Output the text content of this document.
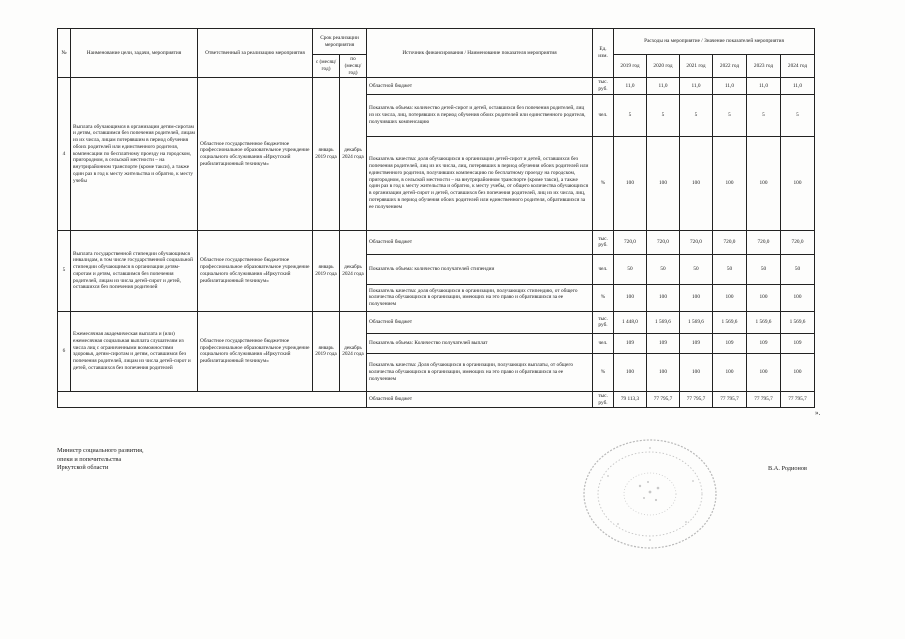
№	Наименование цели, задачи, мероприятия	Ответственный за реализацию мероприятия	Срок реализации мероприятия		Источник финансирования / Наименование показателя мероприятия	Ед. изм.	Расходы на мероприятие / Значение показателей мероприятия					
			с (месяц/ год)	по (месяц/ год)			2019 год	2020 год	2021 год	2022 год	2023 год	2024 год
4	Выплата обучающимся в организации детям-сиротам и детям, оставшимся без попечения родителей, лицам из их числа, лицам потерявшим в период обучения обоих родителей или единственного родителя, компенсации по бесплатному проезду на городском, пригородном, в сельской местности – на внутрирайонном транспорте (кроме такси), а также один раз в год к месту жительства и обратно, к месту учебы	Областное государственное бюджетное профессиональное образовательное учреждение социального обслуживания «Иркутский реабилитационный техникум»	январь 2019 года	декабрь 2024 года	Областной бюджет	тыс. руб.	11,0	11,0	11,0	11,0	11,0	11,0
					Показатель объема: количество детей-сирот и детей, оставшихся без попечения родителей, лиц из их числа, лиц, потерявших в период обучения обоих родителей или единственного родителя, получивших компенсацию	чел.	5	5	5	5	5	5
					Показатель качества: доля обучающихся в организации детей-сирот и детей, оставшихся без попечения родителей, лиц из их числа, лиц, потерявших в период обучения обоих родителей или единственного родителя, получивших компенсацию по бесплатному проезду на городском, пригородном, в сельской местности – на внутрирайонном транспорте (кроме такси), а также один раз в год к месту жительства и обратно, к месту учебы, от общего количества обучающихся в организации детей-сирот и детей, оставшихся без попечения родителей, лиц из их числа, лиц, потерявших в период обучения обоих родителей или единственного родителя, обратившихся за ее получением	%	100	100	100	100	100	100
5	Выплата государственной стипендии обучающимся инвалидам, в том числе государственной социальной стипендии обучающимся в организации детям-сиротам и детям, оставшимся без попечения родителей, лицам из числа детей-сирот и детей, оставшихся без попечения родителей	Областное государственное бюджетное профессиональное образовательное учреждение социального обслуживания «Иркутский реабилитационный техникум»	январь 2019 года	декабрь 2024 года	Областной бюджет	тыс. руб.	720,0	720,0	720,0	720,0	720,0	720,0
					Показатель объема: количество получателей стипендии	чел.	50	50	50	50	50	50
					Показатель качества: доля обучающихся в организации, получающих стипендию, от общего количества обучающихся в организации, имеющих на это право и обратившихся за ее получением	%	100	100	100	100	100	100
6	Ежемесячная академическая выплата и (или) ежемесячная социальная выплата слушателям из числа лиц с ограниченными возможностями здоровья, детям-сиротам и детям, оставшимся без попечения родителей, лицам из числа детей-сирот и детей, оставшихся без попечения родителей	Областное государственное бюджетное профессиональное образовательное учреждение социального обслуживания «Иркутский реабилитационный техникум»	январь 2019 года	декабрь 2024 года	Областной бюджет	тыс. руб.	1 448,0	1 569,6	1 569,6	1 569,6	1 569,6	1 569,6
					Показатель объема: Количество получателей выплат	чел.	109	109	109	109	109	109
					Показатель качества: Доля обучающихся в организации, получающих выплаты, от общего количества обучающихся в организации, имеющих на это право и обратившихся за ее получением	%	100	100	100	100	100	100
					Областной бюджет	тыс. руб.	79 113,3	77 795,7	77 795,7	77 795,7	77 795,7	77 795,7
».
Министр социального развития,
опеки и попечительства
Иркутской области	В.А. Родионов
